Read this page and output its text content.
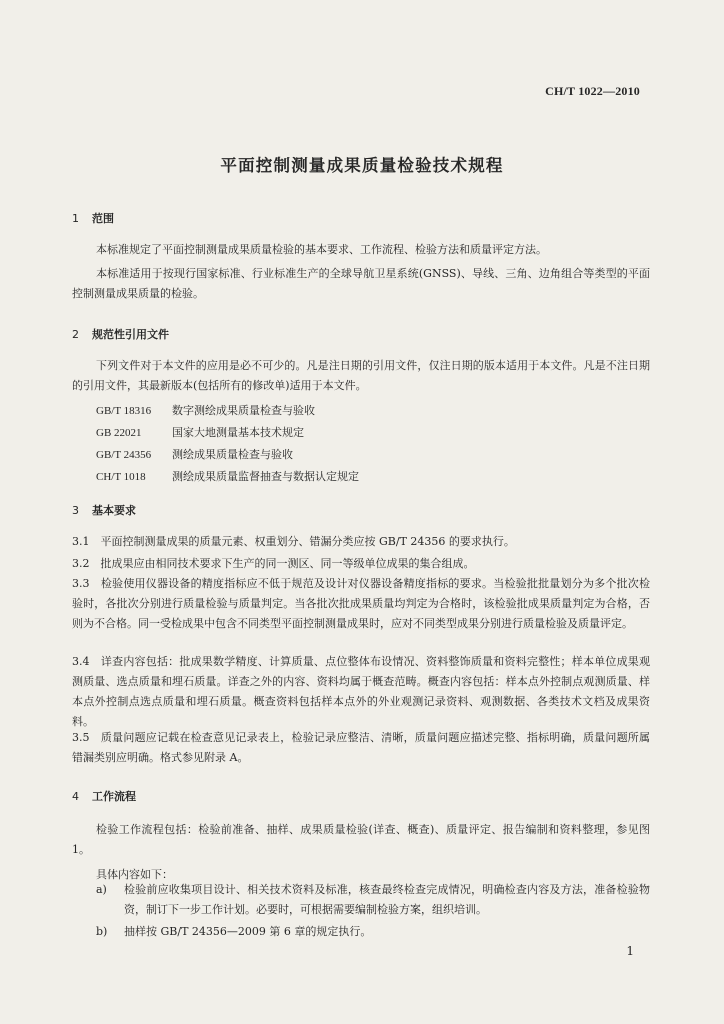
CH/T 1022—2010
平面控制测量成果质量检验技术规程
1 范围
本标准规定了平面控制测量成果质量检验的基本要求、工作流程、检验方法和质量评定方法。
本标准适用于按现行国家标准、行业标准生产的全球导航卫星系统(GNSS)、导线、三角、边角组合等类型的平面控制测量成果质量的检验。
2 规范性引用文件
下列文件对于本文件的应用是必不可少的。凡是注日期的引用文件，仅注日期的版本适用于本文件。凡是不注日期的引用文件，其最新版本(包括所有的修改单)适用于本文件。
GB/T 18316 数字测绘成果质量检查与验收
GB 22021	国家大地测量基本技术规定
GB/T 24356 测绘成果质量检查与验收
CH/T 1018 测绘成果质量监督抽查与数据认定规定
3 基本要求
3.1　平面控制测量成果的质量元素、权重划分、错漏分类应按 GB/T 24356 的要求执行。
3.2　批成果应由相同技术要求下生产的同一测区、同一等级单位成果的集合组成。
3.3　检验使用仪器设备的精度指标应不低于规范及设计对仪器设备精度指标的要求。当检验批批量划分为多个批次检验时，各批次分别进行质量检验与质量判定。当各批次批成果质量均判定为合格时，该检验批成果质量判定为合格，否则为不合格。同一受检成果中包含不同类型平面控制测量成果时，应对不同类型成果分别进行质量检验及质量评定。
3.4　详查内容包括：批成果数学精度、计算质量、点位整体布设情况、资料整饰质量和资料完整性；样本单位成果观测质量、选点质量和埋石质量。详查之外的内容、资料均属于概查范畴。概查内容包括：样本点外控制点观测质量、样本点外控制点选点质量和埋石质量。概查资料包括样本点外的外业观测记录资料、观测数据、各类技术文档及成果资料。
3.5　质量问题应记载在检查意见记录表上，检验记录应整洁、清晰，质量问题应描述完整、指标明确，质量问题所属错漏类别应明确。格式参见附录 A。
4 工作流程
检验工作流程包括：检验前准备、抽样、成果质量检验(详查、概查)、质量评定、报告编制和资料整理，参见图 1。
具体内容如下：
a) 检验前应收集项目设计、相关技术资料及标准，核查最终检查完成情况，明确检查内容及方法，准备检验物资，制订下一步工作计划。必要时，可根据需要编制检验方案，组织培训。
b) 抽样按 GB/T 24356—2009 第 6 章的规定执行。
1
